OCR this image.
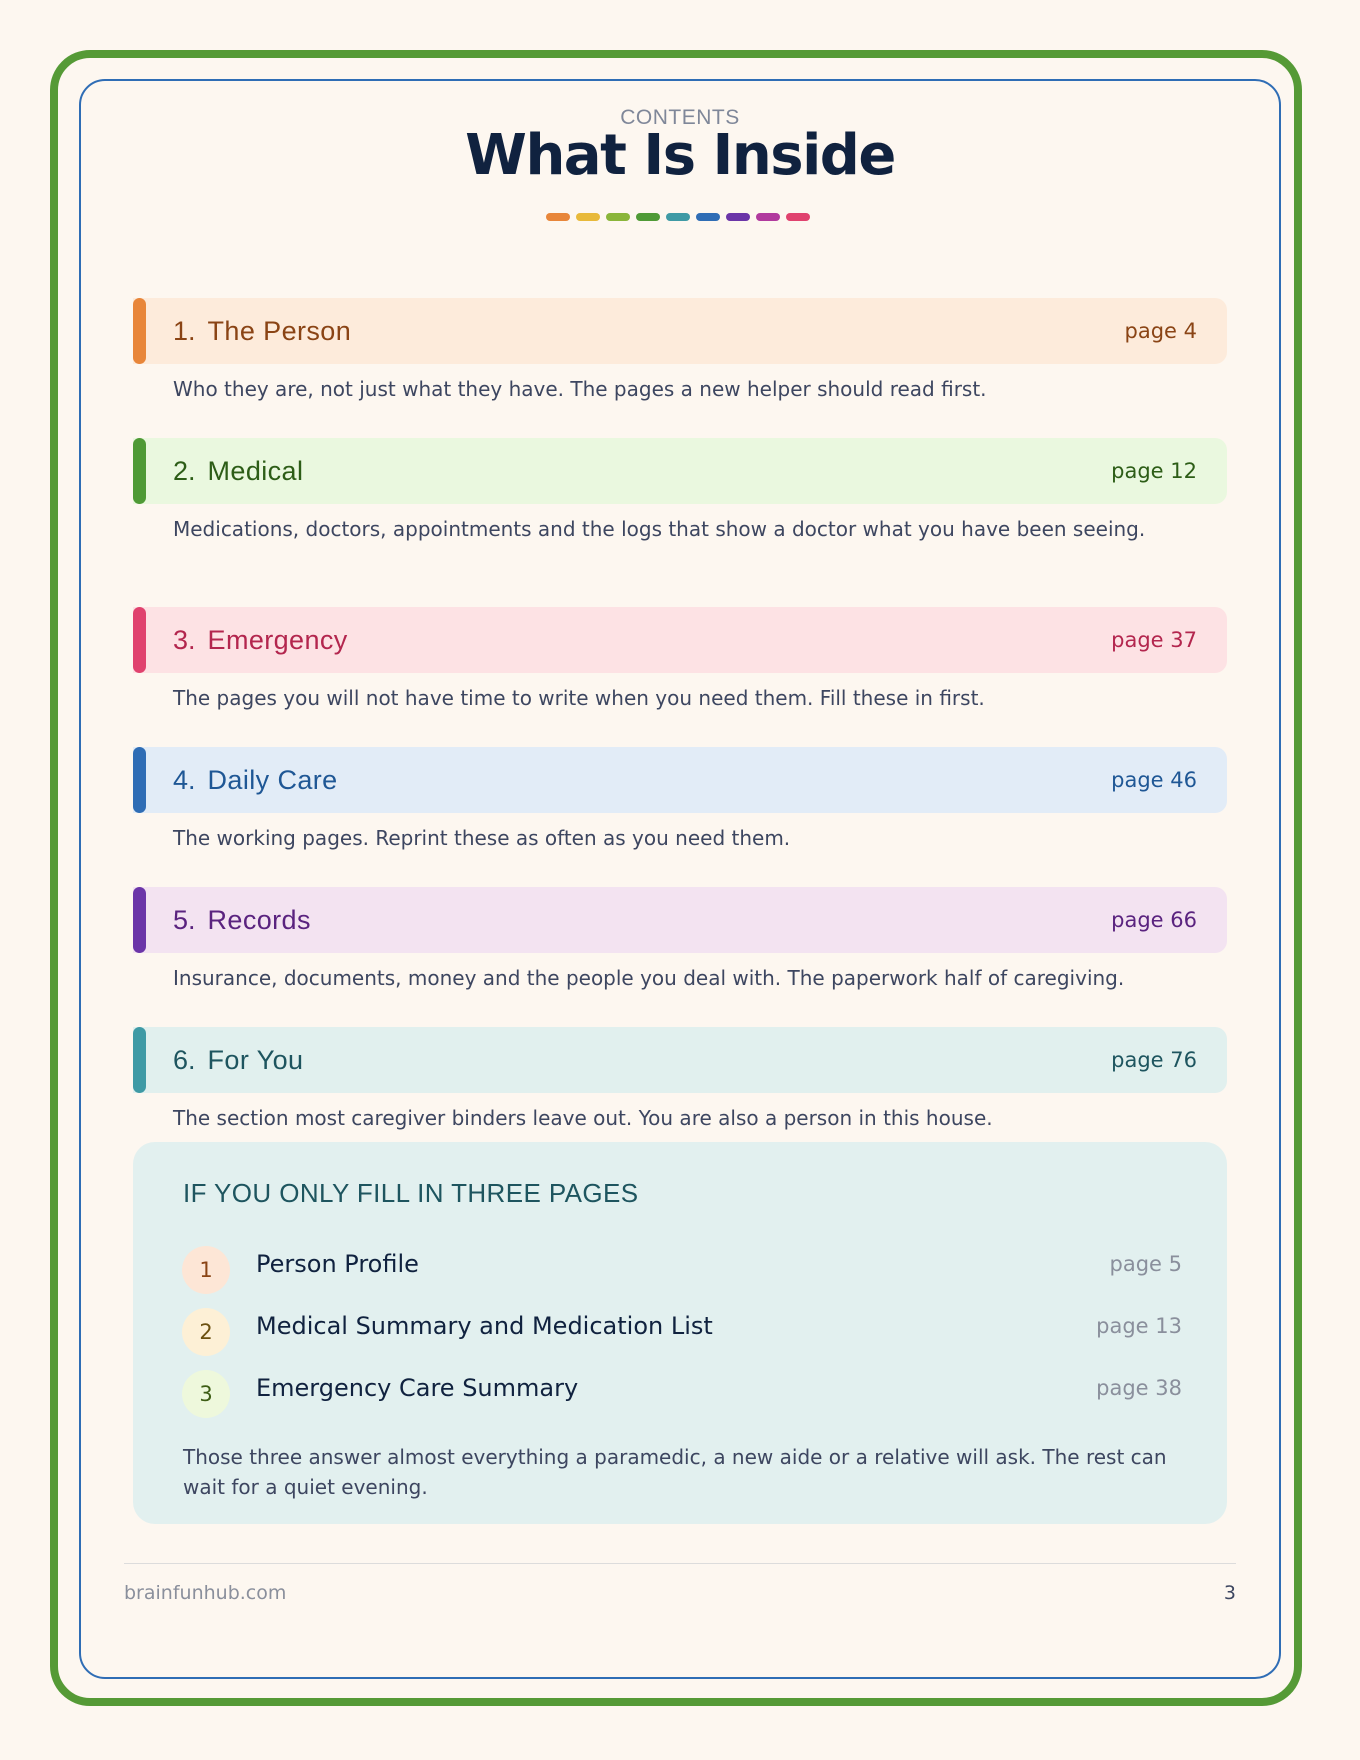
CONTENTS
What Is Inside
1. The Person	page 4
Who they are, not just what they have. The pages a new helper should read first.
2. Medical	page 12
Medications, doctors, appointments and the logs that show a doctor what you have been seeing.
3. Emergency	page 37
The pages you will not have time to write when you need them. Fill these in first.
4. Daily Care	page 46
The working pages. Reprint these as often as you need them.
5. Records	page 66
Insurance, documents, money and the people you deal with. The paperwork half of caregiving.
6. For You	page 76
The section most caregiver binders leave out. You are also a person in this house.
IF YOU ONLY FILL IN THREE PAGES
1	Person Profile	page 5
2	Medical Summary and Medication List	page 13
3	Emergency Care Summary	page 38
Those three answer almost everything a paramedic, a new aide or a relative will ask. The rest can wait for a quiet evening.
brainfunhub.com	3
